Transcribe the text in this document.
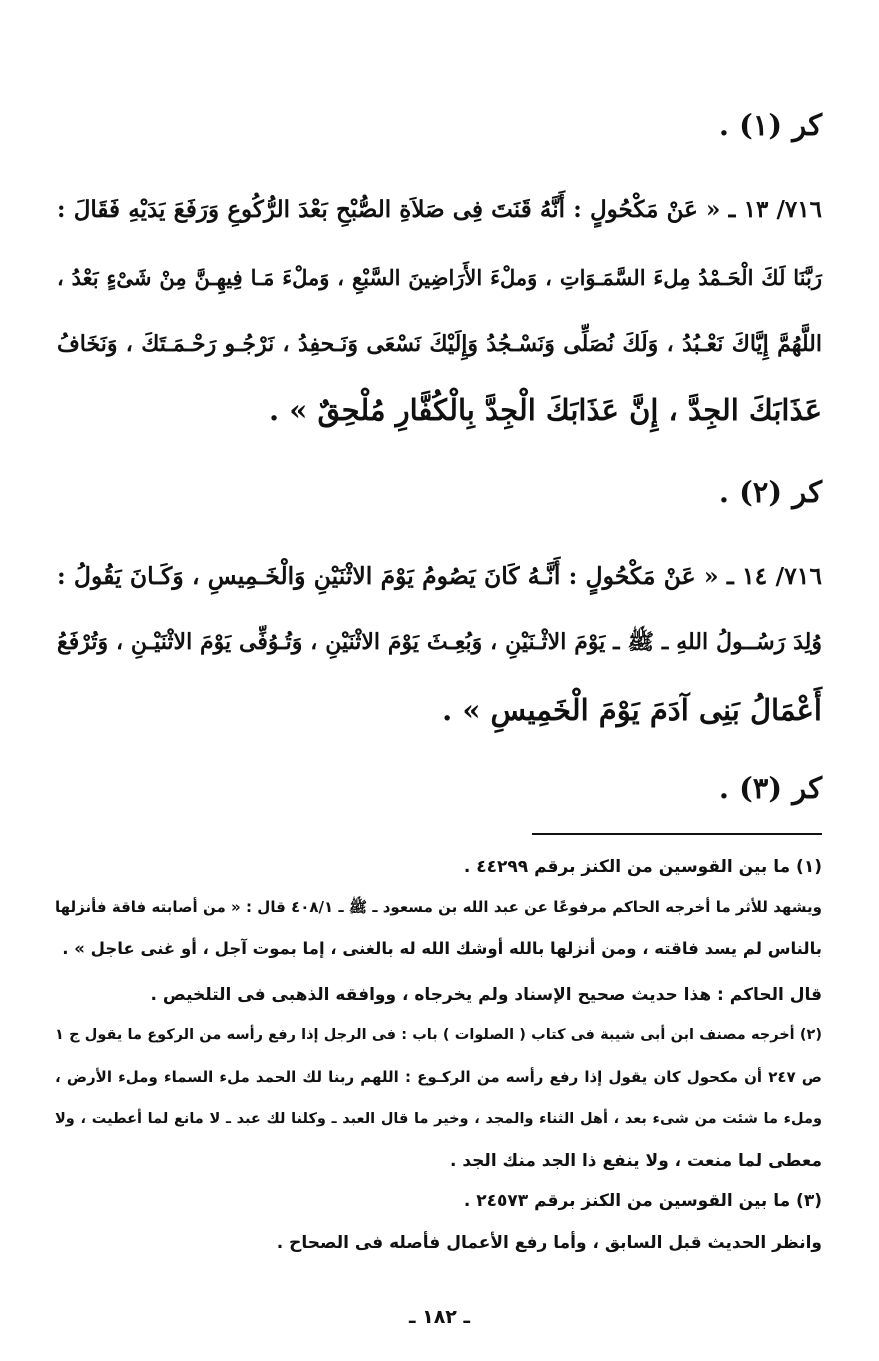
كر (١) .
٧١٦/ ١٣ ـ « عَنْ مَكْحُولٍ : أَنَّهُ قَنَتَ فِى صَلاَةِ الصُّبْحِ بَعْدَ الرُّكُوعِ وَرَفَعَ يَدَيْهِ فَقَالَ :
رَبَّنَا لَكَ الْحَـمْدُ مِلءَ السَّمَـوَاتِ ، وَملْءَ الأَرَاضِينَ السَّبْعِ ، وَملْءَ مَـا فِيهِـنَّ مِنْ شَىْءٍ بَعْدُ ،
اللَّهُمَّ إِيَّاكَ نَعْـبُدُ ، وَلَكَ نُصَلِّى وَنَسْـجُدُ وَإِلَيْكَ نَسْعَى وَنَـحفِدُ ، نَرْجُـو رَحْـمَـتَكَ ، وَنَخَافُ
عَذَابَكَ الجِدَّ ، إِنَّ عَذَابَكَ الْجِدَّ بِالْكُفَّارِ مُلْحِقٌ » .
كر (٢) .
٧١٦/ ١٤ ـ « عَنْ مَكْحُولٍ : أَنَّـهُ كَانَ يَصُومُ يَوْمَ الاثْنَيْنِ وَالْخَـمِيسِ ، وَكَـانَ يَقُولُ :
وُلِدَ رَسُــولُ اللهِ ـ ﷺ ـ يَوْمَ الاثْـنَيْنِ ، وَبُعِـثَ يَوْمَ الاثْنَيْنِ ، وَتُـوُفِّى يَوْمَ الاثْنَيْـنِ ، وَتُرْفَعُ
أَعْمَالُ بَنِى آدَمَ يَوْمَ الْخَمِيسِ » .
كر (٣) .
(١) ما بين القوسين من الكنز برقم ٤٤٢٩٩ .
ويشهد للأثر ما أخرجه الحاكم مرفوعًا عن عبد الله بن مسعود ـ ﷺ ـ ٤٠٨/١ قال : « من أصابته فاقة فأنزلها
بالناس لم يسد فاقته ، ومن أنزلها بالله أوشك الله له بالغنى ، إما بموت آجل ، أو غنى عاجل » .
قال الحاكم : هذا حديث صحيح الإسناد ولم يخرجاه ، ووافقه الذهبى فى التلخيص .
(٢) أخرجه مصنف ابن أبى شيبة فى كتاب ( الصلوات ) باب : فى الرجل إذا رفع رأسه من الركوع ما يقول ج ١
ص ٢٤٧ أن مكحول كان يقول إذا رفع رأسه من الركـوع : اللهم ربنا لك الحمد ملء السماء وملء الأرض ،
وملء ما شئت من شىء بعد ، أهل الثناء والمجد ، وخير ما قال العبد ـ وكلنا لك عبد ـ لا مانع لما أعطيت ، ولا
معطى لما منعت ، ولا ينفع ذا الجد منك الجد .
(٣) ما بين القوسين من الكنز برقم ٢٤٥٧٣ .
وانظر الحديث قبل السابق ، وأما رفع الأعمال فأصله فى الصحاح .
ـ ١٨٢ ـ
